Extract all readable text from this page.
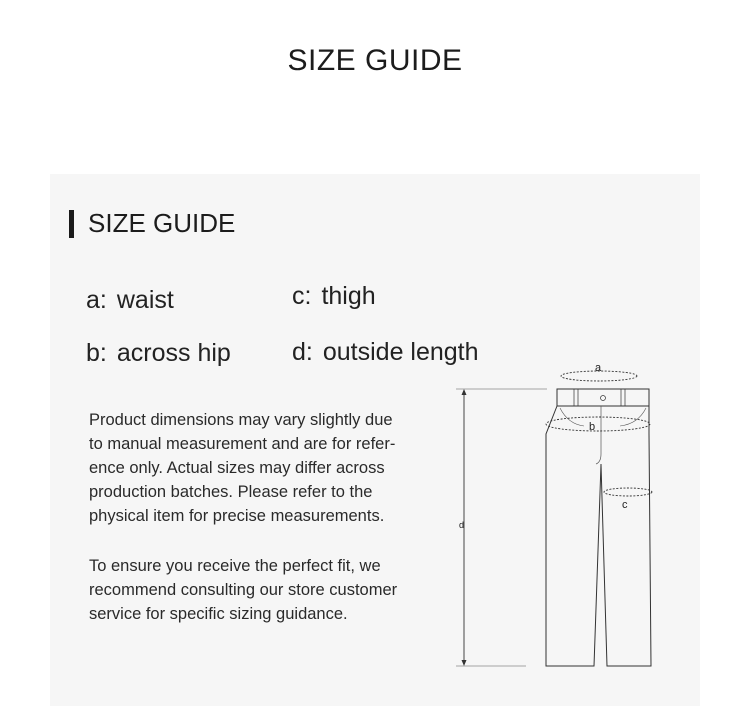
SIZE GUIDE
SIZE GUIDE
a: waist	c: thigh
b: across hip d: outside length

Product dimensions may vary slightly due
to manual measurement and are for refer-
ence only. Actual sizes may differ across
production batches. Please refer to the
physical item for precise measurements.

To ensure you receive the perfect fit, we
recommend consulting our store customer
service for specific sizing guidance.

a
d
b
c
